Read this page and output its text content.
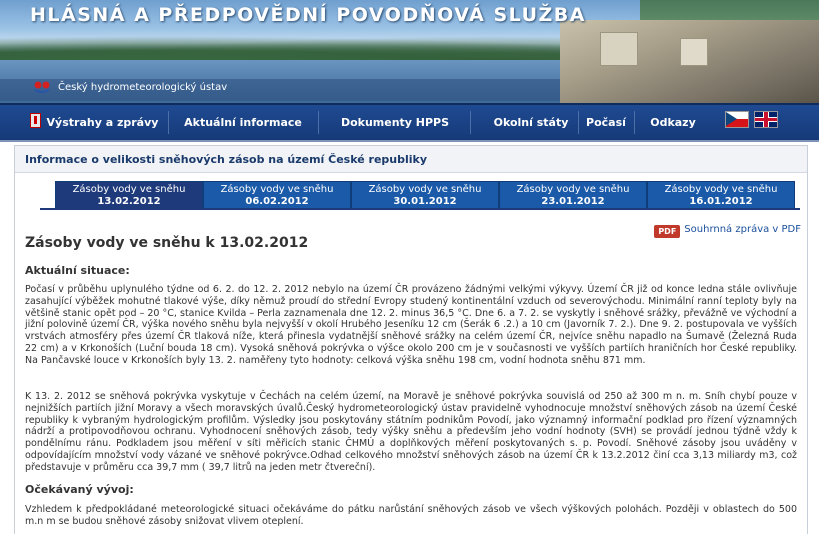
HLÁSNÁ A PŘEDPOVĚDNÍ POVODŇOVÁ SLUŽBA
Český hydrometeorologický ústav
Výstrahy a zprávy Aktuální informace	Dokumenty HPPS	Okolní státy	Počasí	Odkazy
Informace o velikosti sněhových zásob na území České republiky
Zásoby vody ve sněhu
13.02.2012
Zásoby vody ve sněhu
06.02.2012
Zásoby vody ve sněhu
30.01.2012
Zásoby vody ve sněhu
23.01.2012
Zásoby vody ve sněhu
16.01.2012
PDF Souhrnná zpráva v PDF
Zásoby vody ve sněhu k 13.02.2012
Aktuální situace:
Počasí v průběhu uplynulého týdne od 6. 2. do 12. 2. 2012 nebylo na území ČR provázeno žádnými velkými výkyvy. Území ČR již od konce ledna stále ovlivňuje zasahující výběžek mohutné tlakové výše, díky němuž proudí do střední Evropy studený kontinentální vzduch od severovýchodu. Minimální ranní teploty byly na většině stanic opět pod – 20 °C, stanice Kvilda – Perla zaznamenala dne 12. 2. minus 36,5 °C. Dne 6. a 7. 2. se vyskytly i sněhové srážky, převážně ve východní a jižní polovině území ČR, výška nového sněhu byla nejvyšší v okolí Hrubého Jeseníku 12 cm (Šerák 6 .2.) a 10 cm (Javorník 7. 2.). Dne 9. 2. postupovala ve vyšších vrstvách atmosféry přes území ČR tlaková níže, která přinesla vydatnější sněhové srážky na celém území ČR, nejvíce sněhu napadlo na Šumavě (Železná Ruda 22 cm) a v Krkonoších (Luční bouda 18 cm). Vysoká sněhová pokrývka o výšce okolo 200 cm je v současnosti ve vyšších partiích hraničních hor České republiky. Na Pančavské louce v Krkonoších byly 13. 2. naměřeny tyto hodnoty: celková výška sněhu 198 cm, vodní hodnota sněhu 871 mm.
K 13. 2. 2012 se sněhová pokrývka vyskytuje v Čechách na celém území, na Moravě je sněhové pokrývka souvislá od 250 až 300 m n. m. Sníh chybí pouze v nejnižších partiích jižní Moravy a všech moravských úvalů.Český hydrometeorologický ústav pravidelně vyhodnocuje množství sněhových zásob na území České republiky k vybraným hydrologickým profilům. Výsledky jsou poskytovány státním podnikům Povodí, jako významný informační podklad pro řízení významných nádrží a protipovodňovou ochranu. Vyhodnocení sněhových zásob, tedy výšky sněhu a především jeho vodní hodnoty (SVH) se provádí jednou týdně vždy k pondělnímu ránu. Podkladem jsou měření v síti měřicích stanic ČHMÚ a doplňkových měření poskytovaných s. p. Povodí. Sněhové zásoby jsou uváděny v odpovídajícím množství vody vázané ve sněhové pokrývce.Odhad celkového množství sněhových zásob na území ČR k 13.2.2012 činí cca 3,13 miliardy m3, což představuje v průměru cca 39,7 mm ( 39,7 litrů na jeden metr čtvereční).
Očekávaný vývoj:
Vzhledem k předpokládané meteorologické situaci očekáváme do pátku narůstání sněhových zásob ve všech výškových polohách. Později v oblastech do 500 m.n m se budou sněhové zásoby snižovat vlivem oteplení.
